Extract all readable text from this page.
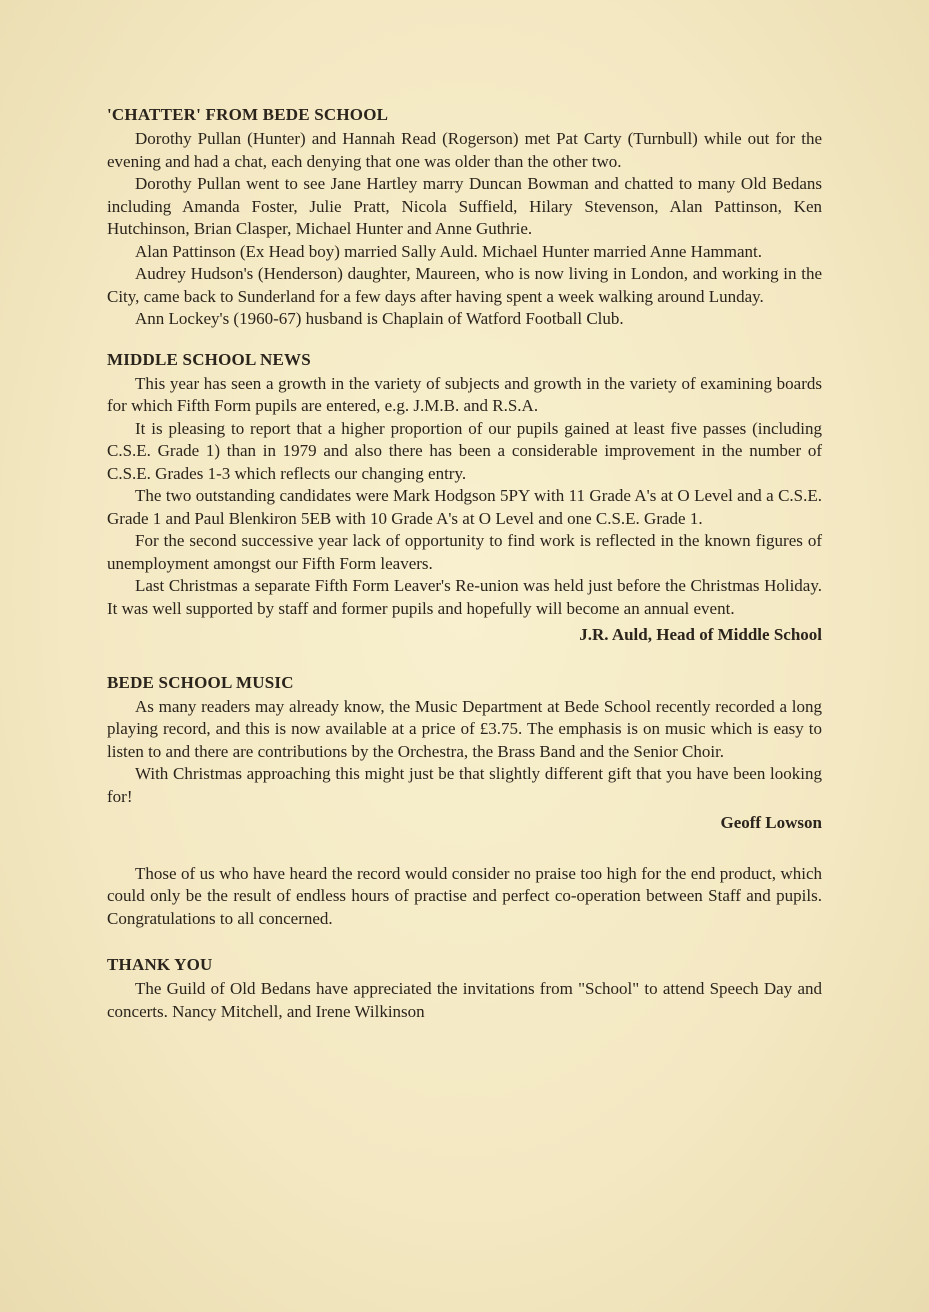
'CHATTER' FROM BEDE SCHOOL

Dorothy Pullan (Hunter) and Hannah Read (Rogerson) met Pat Carty (Turnbull) while out for the evening and had a chat, each denying that one was older than the other two.

Dorothy Pullan went to see Jane Hartley marry Duncan Bowman and chatted to many Old Bedans including Amanda Foster, Julie Pratt, Nicola Suffield, Hilary Stevenson, Alan Pattinson, Ken Hutchinson, Brian Clasper, Michael Hunter and Anne Guthrie.

Alan Pattinson (Ex Head boy) married Sally Auld. Michael Hunter married Anne Hammant.

Audrey Hudson's (Henderson) daughter, Maureen, who is now living in London, and working in the City, came back to Sunderland for a few days after having spent a week walking around Lunday.

Ann Lockey's (1960-67) husband is Chaplain of Watford Football Club.

MIDDLE SCHOOL NEWS

This year has seen a growth in the variety of subjects and growth in the variety of examining boards for which Fifth Form pupils are entered, e.g. J.M.B. and R.S.A.

It is pleasing to report that a higher proportion of our pupils gained at least five passes (including C.S.E. Grade 1) than in 1979 and also there has been a considerable improvement in the number of C.S.E. Grades 1-3 which reflects our changing entry.

The two outstanding candidates were Mark Hodgson 5PY with 11 Grade A's at O Level and a C.S.E. Grade 1 and Paul Blenkiron 5EB with 10 Grade A's at O Level and one C.S.E. Grade 1.

For the second successive year lack of opportunity to find work is reflected in the known figures of unemployment amongst our Fifth Form leavers.

Last Christmas a separate Fifth Form Leaver's Re-union was held just before the Christmas Holiday. It was well supported by staff and former pupils and hopefully will become an annual event.

J.R. Auld, Head of Middle School
BEDE SCHOOL MUSIC

As many readers may already know, the Music Department at Bede School recently recorded a long playing record, and this is now available at a price of £3.75. The emphasis is on music which is easy to listen to and there are contributions by the Orchestra, the Brass Band and the Senior Choir.

With Christmas approaching this might just be that slightly different gift that you have been looking for!

Geoff Lowson

Those of us who have heard the record would consider no praise too high for the end product, which could only be the result of endless hours of practise and perfect co-operation between Staff and pupils. Congratulations to all concerned.

THANK YOU

The Guild of Old Bedans have appreciated the invitations from "School" to attend Speech Day and concerts. Nancy Mitchell, and Irene Wilkinson
